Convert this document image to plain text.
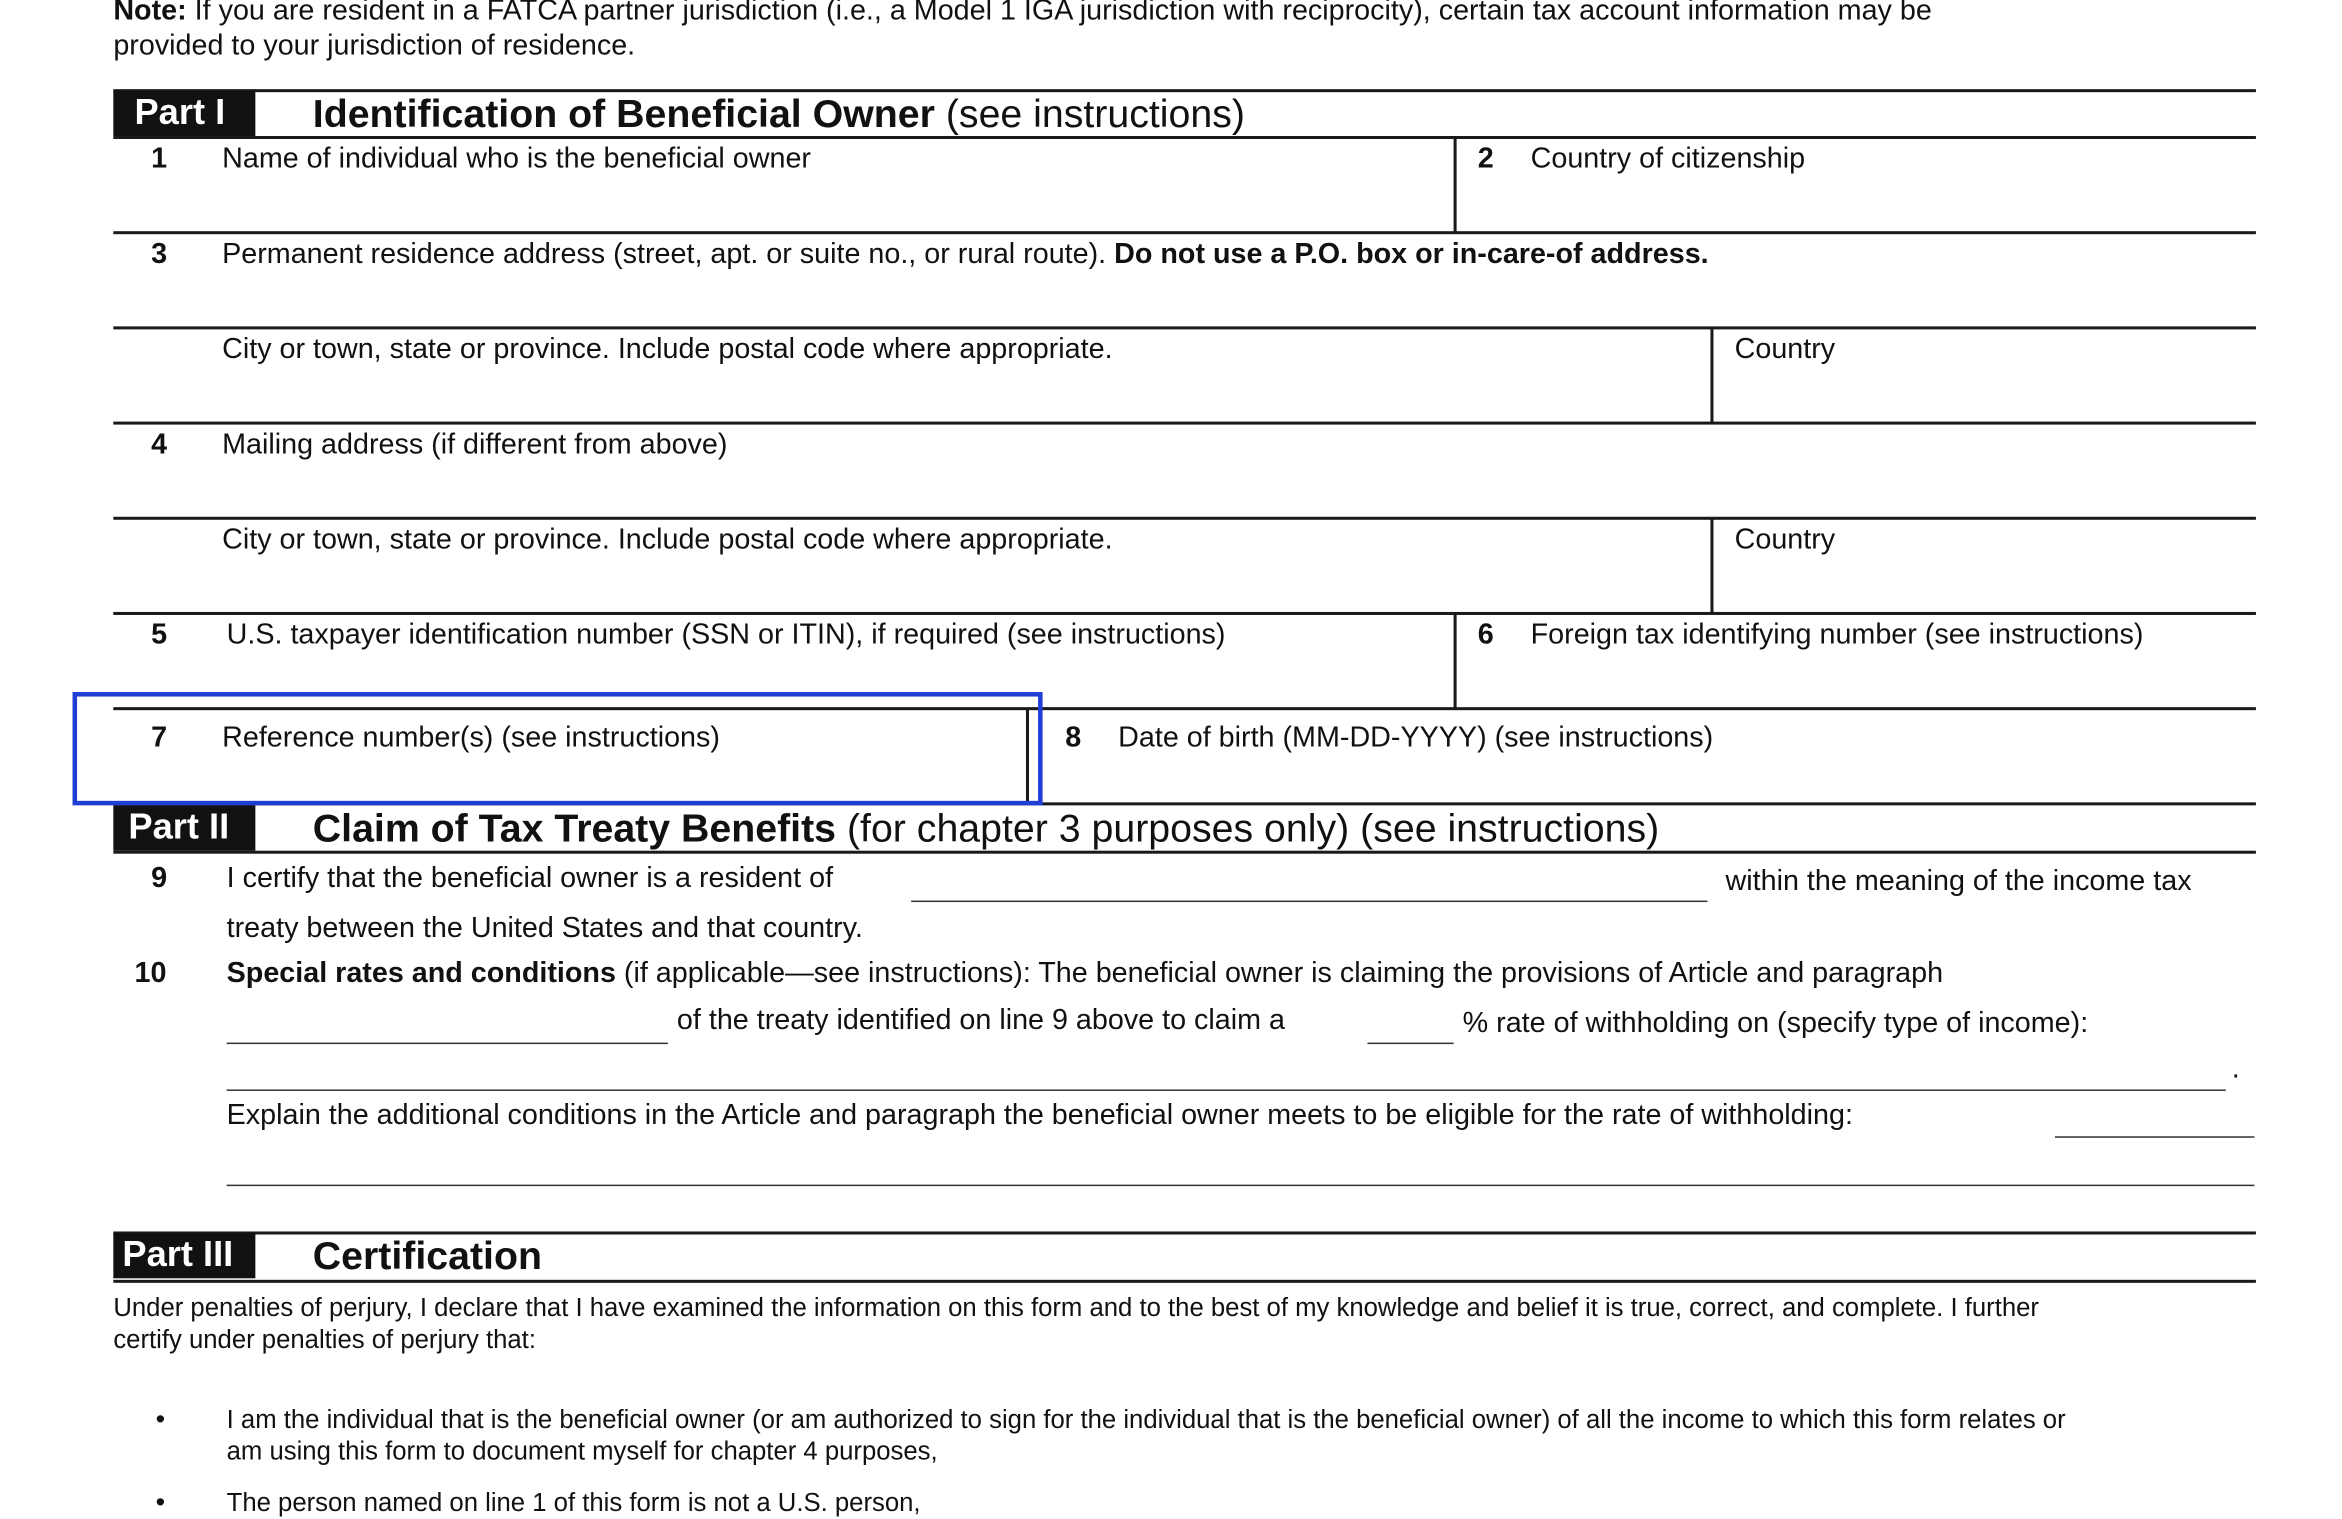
Note: If you are resident in a FATCA partner jurisdiction (i.e., a Model 1 IGA jurisdiction with reciprocity), certain tax account information may be
provided to your jurisdiction of residence.
Part I	Identification of Beneficial Owner (see instructions)
1	Name of individual who is the beneficial owner	2 Country of citizenship
3	Permanent residence address (street, apt. or suite no., or rural route). Do not use a P.O. box or in-care-of address.
City or town, state or province. Include postal code where appropriate.	Country
4	Mailing address (if different from above)
City or town, state or province. Include postal code where appropriate.	Country
5	U.S. taxpayer identification number (SSN or ITIN), if required (see instructions)	6 Foreign tax identifying number (see instructions)
7	Reference number(s) (see instructions)	8 Date of birth (MM-DD-YYYY) (see instructions)
Part II	Claim of Tax Treaty Benefits (for chapter 3 purposes only) (see instructions)
9	I certify that the beneficial owner is a resident of	within the meaning of the income tax
treaty between the United States and that country.
10	Special rates and conditions (if applicable—see instructions): The beneficial owner is claiming the provisions of Article and paragraph
of the treaty identified on line 9 above to claim a	% rate of withholding on (specify type of income):
.
Explain the additional conditions in the Article and paragraph the beneficial owner meets to be eligible for the rate of withholding:
Part III	Certification
Under penalties of perjury, I declare that I have examined the information on this form and to the best of my knowledge and belief it is true, correct, and complete. I further
certify under penalties of perjury that:
•	I am the individual that is the beneficial owner (or am authorized to sign for the individual that is the beneficial owner) of all the income to which this form relates or
am using this form to document myself for chapter 4 purposes,
•	The person named on line 1 of this form is not a U.S. person,
